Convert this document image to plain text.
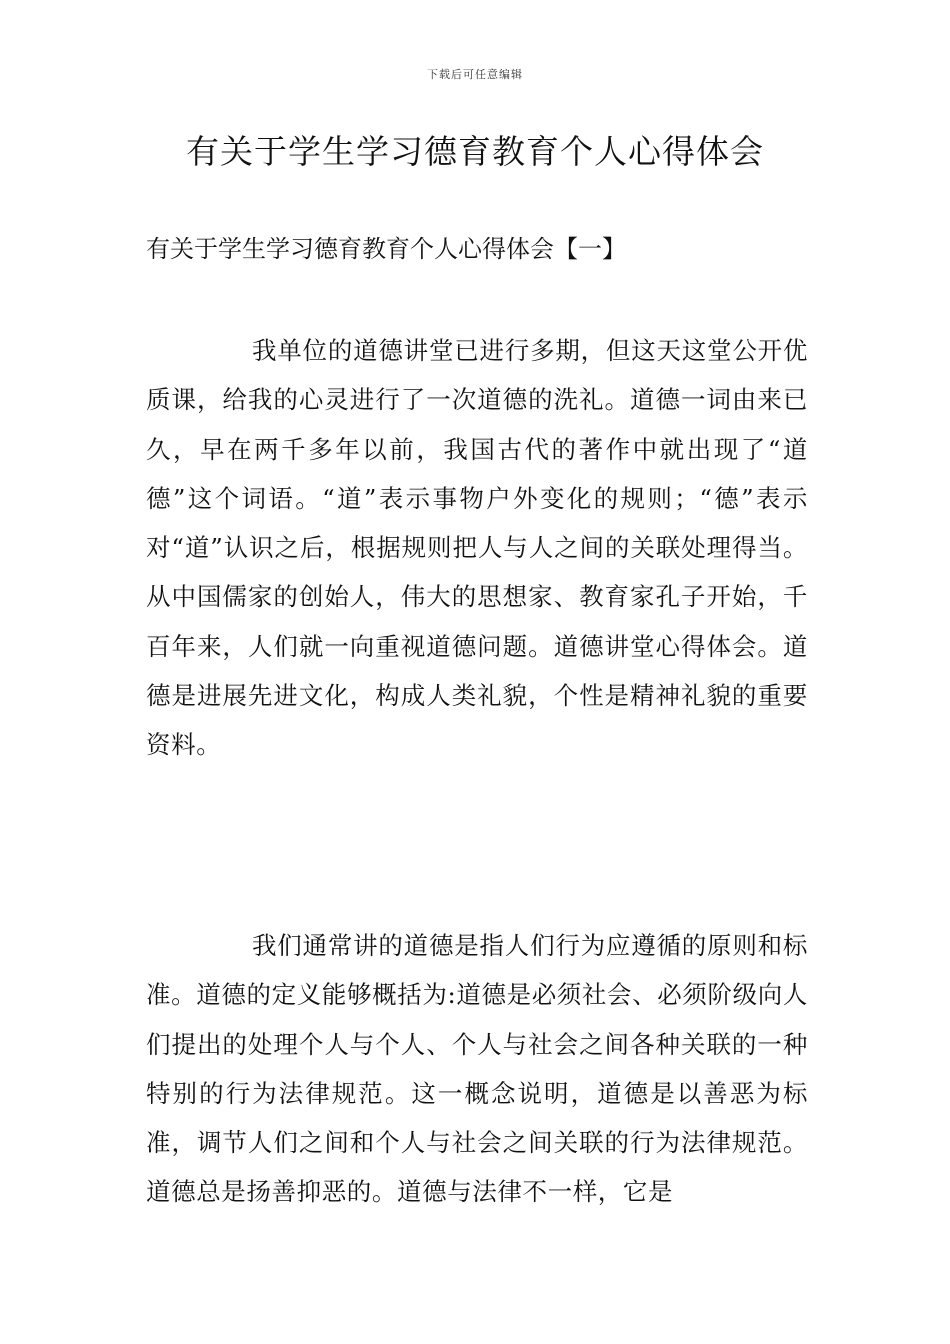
下载后可任意编辑
有关于学生学习德育教育个人心得体会
有关于学生学习德育教育个人心得体会【一】

我单位的道德讲堂已进行多期，但这天这堂公开优质课，给我的心灵进行了一次道德的洗礼。道德一词由来已久，早在两千多年以前，我国古代的著作中就出现了“道德”这个词语。“道”表示事物户外变化的规则；“德”表示对“道”认识之后，根据规则把人与人之间的关联处理得当。从中国儒家的创始人，伟大的思想家、教育家孔子开始，千百年来，人们就一向重视道德问题。道德讲堂心得体会。道德是进展先进文化，构成人类礼貌，个性是精神礼貌的重要资料。

我们通常讲的道德是指人们行为应遵循的原则和标准。道德的定义能够概括为:道德是必须社会、必须阶级向人们提出的处理个人与个人、个人与社会之间各种关联的一种特别的行为法律规范。这一概念说明，道德是以善恶为标准，调节人们之间和个人与社会之间关联的行为法律规范。道德总是扬善抑恶的。道德与法律不一样，它是
